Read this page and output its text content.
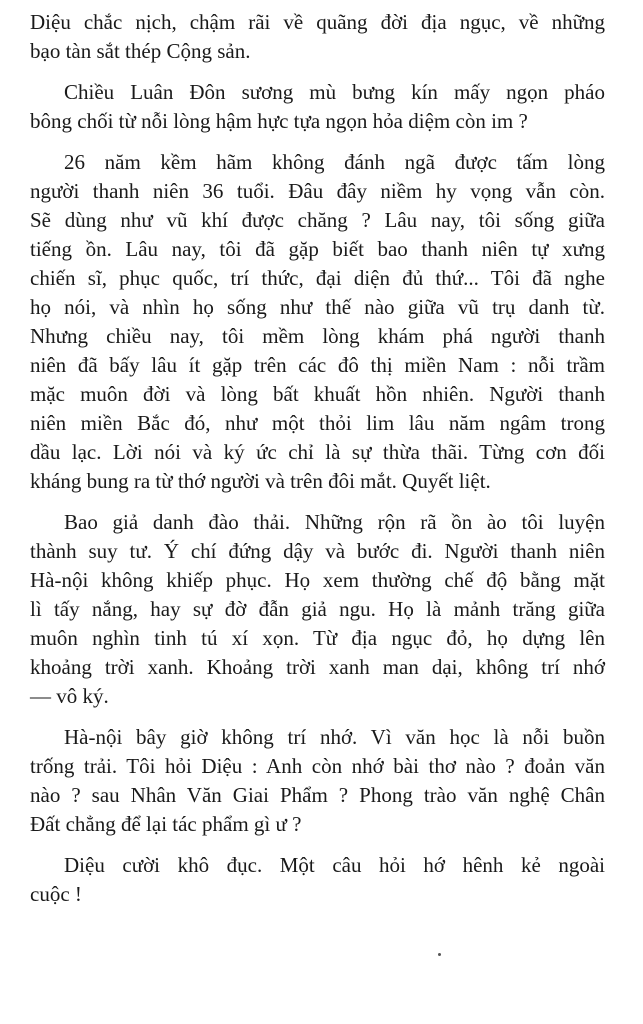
Diệu chắc nịch, chậm rãi về quãng đời địa ngục, về những
bạo tàn sắt thép Cộng sản.

Chiều Luân Đôn sương mù bưng kín mấy ngọn pháo
bông chối từ nỗi lòng hậm hực tựa ngọn hỏa diệm còn im ?

26 năm kềm hãm không đánh ngã được tấm lòng
người thanh niên 36 tuổi. Đâu đây niềm hy vọng vẫn còn.
Sẽ dùng như vũ khí được chăng ? Lâu nay, tôi sống giữa
tiếng ồn. Lâu nay, tôi đã gặp biết bao thanh niên tự xưng
chiến sĩ, phục quốc, trí thức, đại diện đủ thứ... Tôi đã nghe
họ nói, và nhìn họ sống như thế nào giữa vũ trụ danh từ.
Nhưng chiều nay, tôi mềm lòng khám phá người thanh
niên đã bấy lâu ít gặp trên các đô thị miền Nam : nỗi trầm
mặc muôn đời và lòng bất khuất hồn nhiên. Người thanh
niên miền Bắc đó, như một thỏi lim lâu năm ngâm trong
dầu lạc. Lời nói và ký ức chỉ là sự thừa thãi. Từng cơn đối
kháng bung ra từ thớ người và trên đôi mắt. Quyết liệt.

Bao giả danh đào thải. Những rộn rã ồn ào tôi luyện
thành suy tư. Ý chí đứng dậy và bước đi. Người thanh niên
Hà-nội không khiếp phục. Họ xem thường chế độ bằng mặt
lì tấy nắng, hay sự đờ đẫn giả ngu. Họ là mảnh trăng giữa
muôn nghìn tinh tú xí xọn. Từ địa ngục đỏ, họ dựng lên
khoảng trời xanh. Khoảng trời xanh man dại, không trí nhớ
— vô ký.

Hà-nội bây giờ không trí nhớ. Vì văn học là nỗi buồn
trống trải. Tôi hỏi Diệu : Anh còn nhớ bài thơ nào ? đoản văn
nào ? sau Nhân Văn Giai Phẩm ? Phong trào văn nghệ Chân
Đất chẳng để lại tác phẩm gì ư ?

Diệu cười khô đục. Một câu hỏi hớ hênh kẻ ngoài
cuộc !
